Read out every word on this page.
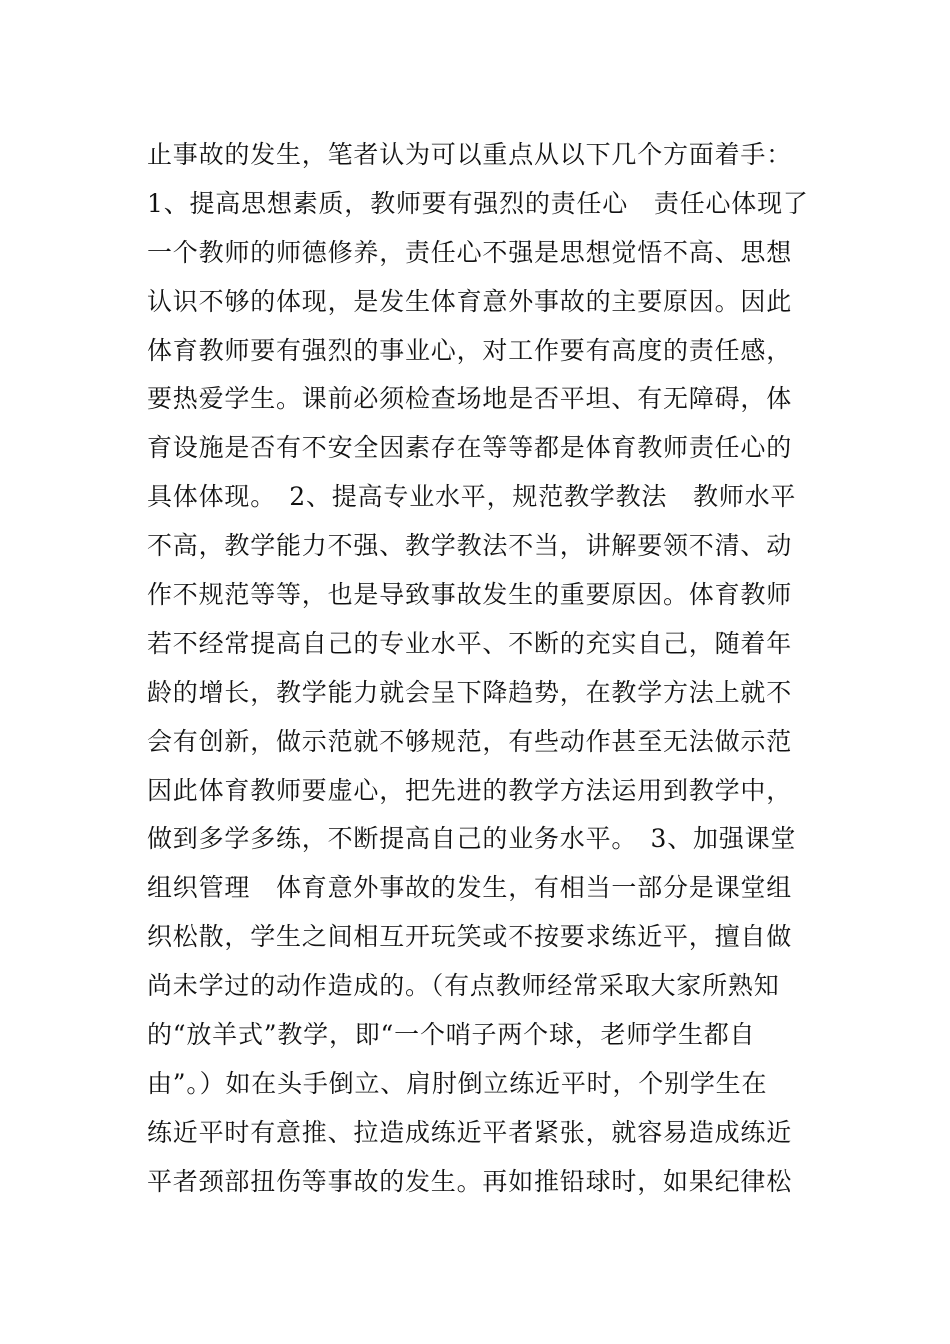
止事故的发生，笔者认为可以重点从以下几个方面着手：
1、提高思想素质，教师要有强烈的责任心　责任心体现了
一个教师的师德修养，责任心不强是思想觉悟不高、思想
认识不够的体现，是发生体育意外事故的主要原因。因此
体育教师要有强烈的事业心，对工作要有高度的责任感，
要热爱学生。课前必须检查场地是否平坦、有无障碍，体
育设施是否有不安全因素存在等等都是体育教师责任心的
具体体现。　2、提高专业水平，规范教学教法　教师水平
不高，教学能力不强、教学教法不当，讲解要领不清、动
作不规范等等，也是导致事故发生的重要原因。体育教师
若不经常提高自己的专业水平、不断的充实自己，随着年
龄的增长，教学能力就会呈下降趋势，在教学方法上就不
会有创新，做示范就不够规范，有些动作甚至无法做示范
因此体育教师要虚心，把先进的教学方法运用到教学中，
做到多学多练，不断提高自己的业务水平。　3、加强课堂
组织管理　体育意外事故的发生，有相当一部分是课堂组
织松散，学生之间相互开玩笑或不按要求练近平，擅自做
尚未学过的动作造成的。（有点教师经常采取大家所熟知
的“放羊式”教学，即“一个哨子两个球，老师学生都自
由”。）如在头手倒立、肩肘倒立练近平时，个别学生在
练近平时有意推、拉造成练近平者紧张，就容易造成练近
平者颈部扭伤等事故的发生。再如推铅球时，如果纪律松
